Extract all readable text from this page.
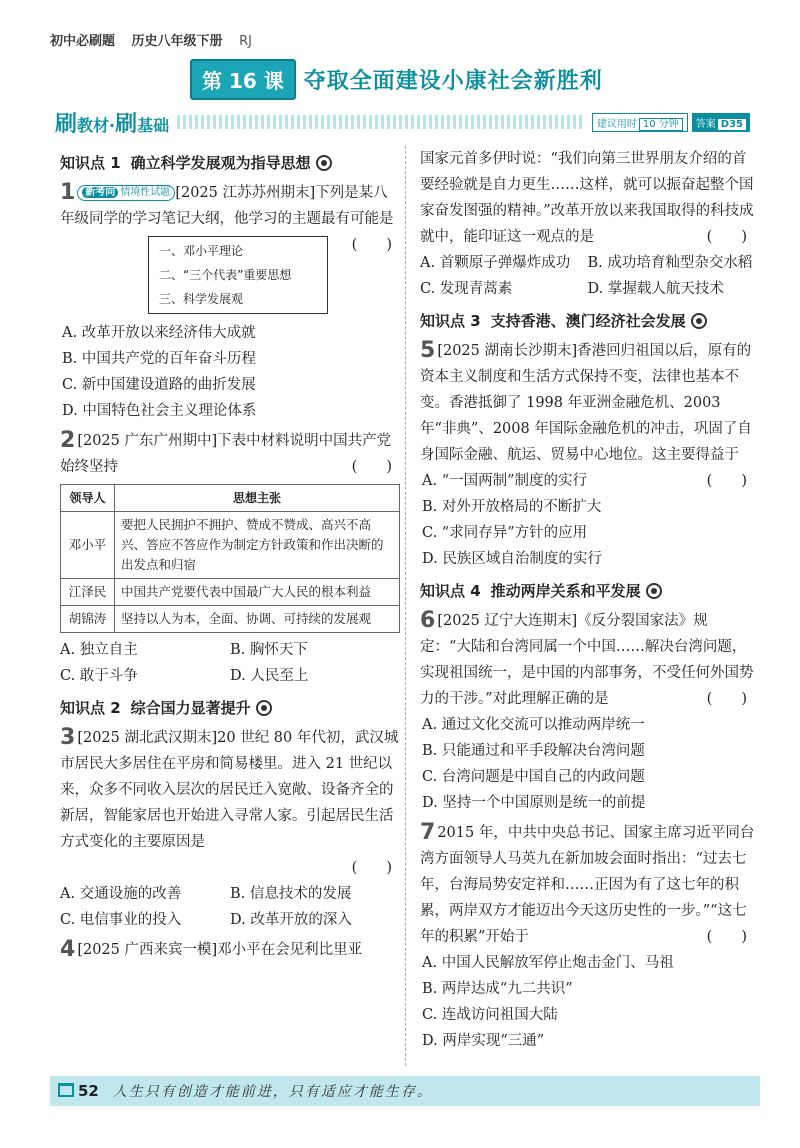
初中必刷题 历史八年级下册 RJ
第 16 课 夺取全面建设小康社会新胜利
刷教材·刷基础	建议用时 10 分钟	答案 D35
知识点 1 确立科学发展观为指导思想
1 新考向 情境性试题 [2025 江苏苏州期末]下列是某八年级同学的学习笔记大纲，他学习的主题最有可能是
(　　)
一、邓小平理论
二、“三个代表”重要思想
三、科学发展观
A. 改革开放以来经济伟大成就
B. 中国共产党的百年奋斗历程
C. 新中国建设道路的曲折发展
D. 中国特色社会主义理论体系
2 [2025 广东广州期中]下表中材料说明中国共产党始终坚持	(　　)
领导人	思想主张
邓小平	要把人民拥护不拥护、赞成不赞成、高兴不高兴、答应不答应作为制定方针政策和作出决断的出发点和归宿
江泽民	中国共产党要代表中国最广大人民的根本利益
胡锦涛	坚持以人为本，全面、协调、可持续的发展观
A. 独立自主	B. 胸怀天下
C. 敢于斗争	D. 人民至上
知识点 2 综合国力显著提升
3 [2025 湖北武汉期末]20 世纪 80 年代初，武汉城市居民大多居住在平房和简易楼里。进入 21 世纪以来，众多不同收入层次的居民迁入宽敞、设备齐全的新居，智能家居也开始进入寻常人家。引起居民生活方式变化的主要原因是
(　　)
A. 交通设施的改善	B. 信息技术的发展
C. 电信事业的投入	D. 改革开放的深入
4 [2025 广西来宾一模]邓小平在会见利比里亚
国家元首多伊时说：“我们向第三世界朋友介绍的首要经验就是自力更生……这样，就可以振奋起整个国家奋发图强的精神。”改革开放以来我国取得的科技成就中，能印证这一观点的是	(　　)
A. 首颗原子弹爆炸成功	B. 成功培育籼型杂交水稻
C. 发现青蒿素	D. 掌握载人航天技术
知识点 3 支持香港、澳门经济社会发展
5 [2025 湖南长沙期末]香港回归祖国以后，原有的资本主义制度和生活方式保持不变，法律也基本不变。香港抵御了 1998 年亚洲金融危机、2003 年“非典”、2008 年国际金融危机的冲击，巩固了自身国际金融、航运、贸易中心地位。这主要得益于
(　　)
A. “一国两制”制度的实行
B. 对外开放格局的不断扩大
C. “求同存异”方针的应用
D. 民族区域自治制度的实行
知识点 4 推动两岸关系和平发展
6 [2025 辽宁大连期末]《反分裂国家法》规定：“大陆和台湾同属一个中国……解决台湾问题，实现祖国统一，是中国的内部事务，不受任何外国势力的干涉。”对此理解正确的是	(　　)
A. 通过文化交流可以推动两岸统一
B. 只能通过和平手段解决台湾问题
C. 台湾问题是中国自己的内政问题
D. 坚持一个中国原则是统一的前提
7 2015 年，中共中央总书记、国家主席习近平同台湾方面领导人马英九在新加坡会面时指出：“过去七年，台海局势安定祥和……正因为有了这七年的积累，两岸双方才能迈出今天这历史性的一步。”“这七年的积累”开始于	(　　)
A. 中国人民解放军停止炮击金门、马祖
B. 两岸达成“九二共识”
C. 连战访问祖国大陆
D. 两岸实现“三通”
52 人生只有创造才能前进，只有适应才能生存。
